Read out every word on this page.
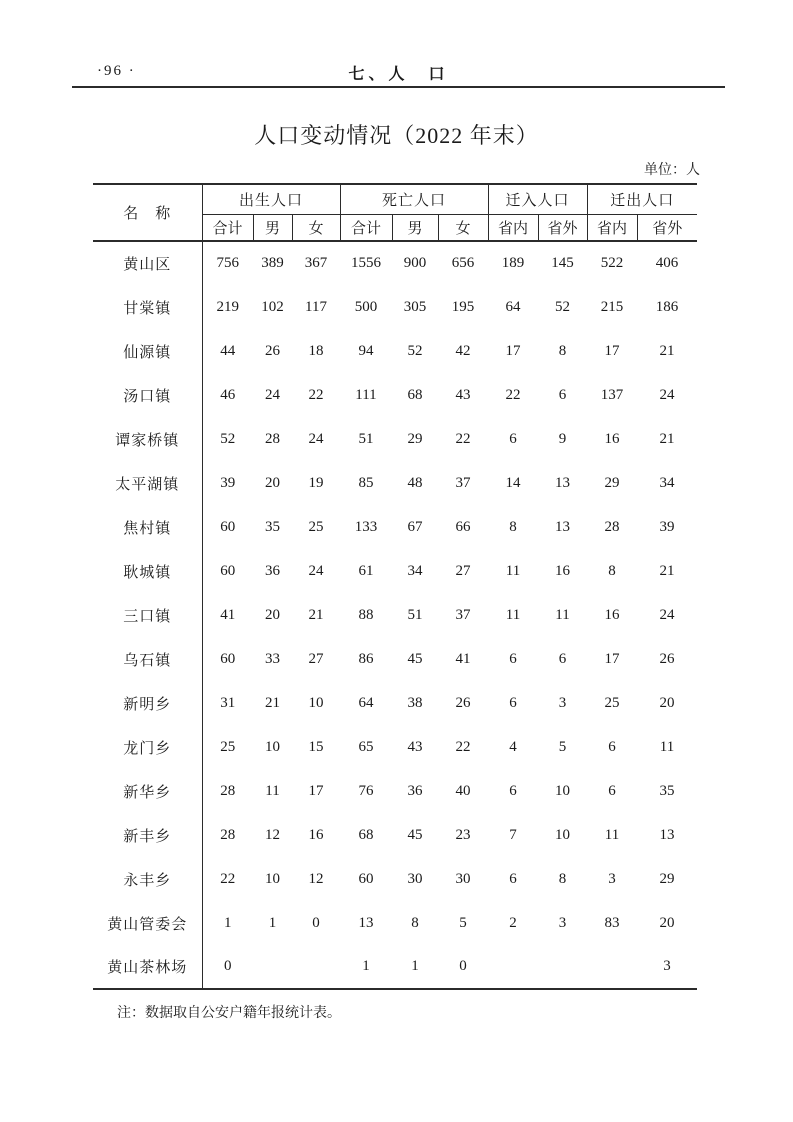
·96 ·	七、人　口
人口变动情况（2022 年末）
单位：人
名　称	出生人口			死亡人口			迁入人口		迁出人口	
	合计	男	女	合计	男	女	省内	省外	省内	省外
黄山区	756	389	367	1556	900	656	189	145	522	406
甘棠镇	219	102	117	500	305	195	64	52	215	186
仙源镇	44	26	18	94	52	42	17	8	17	21
汤口镇	46	24	22	111	68	43	22	6	137	24
谭家桥镇	52	28	24	51	29	22	6	9	16	21
太平湖镇	39	20	19	85	48	37	14	13	29	34
焦村镇	60	35	25	133	67	66	8	13	28	39
耿城镇	60	36	24	61	34	27	11	16	8	21
三口镇	41	20	21	88	51	37	11	11	16	24
乌石镇	60	33	27	86	45	41	6	6	17	26
新明乡	31	21	10	64	38	26	6	3	25	20
龙门乡	25	10	15	65	43	22	4	5	6	11
新华乡	28	11	17	76	36	40	6	10	6	35
新丰乡	28	12	16	68	45	23	7	10	11	13
永丰乡	22	10	12	60	30	30	6	8	3	29
黄山管委会	1	1	0	13	8	5	2	3	83	20
黄山茶林场	0			1	1	0				3
注：数据取自公安户籍年报统计表。
